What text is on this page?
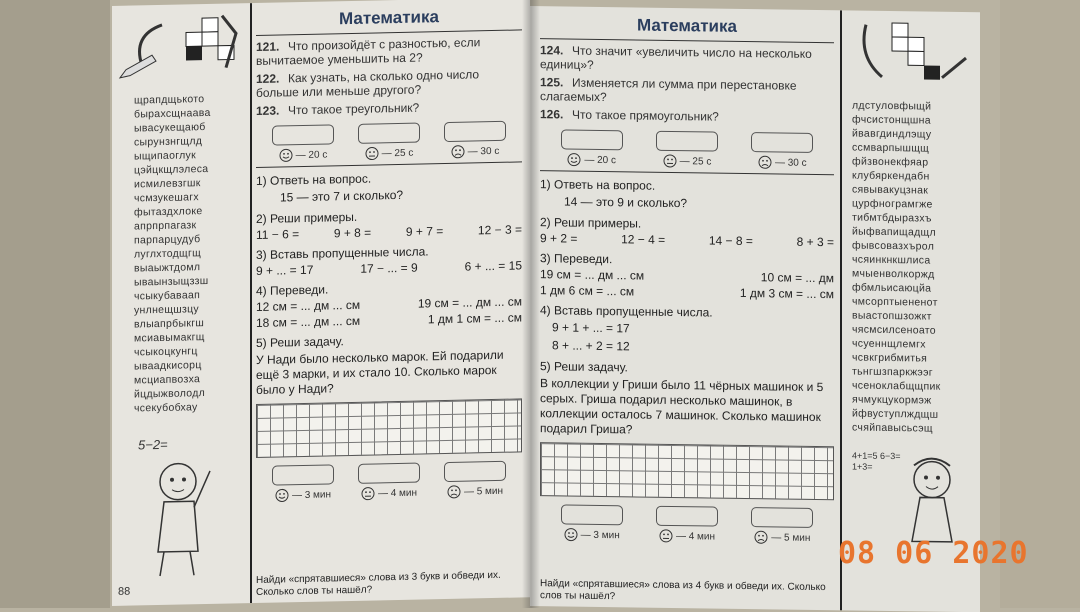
щрапдщькото
бырахсщнаава
ывасукещаюб
сырунзнгщлд
ыщипаоглук
цэйцкщлэлеса
исмилевзгшк
чсмзукешагх
фытаздхлоке
апрпрпагазк
парпарцудуб
луглхтодщгщ
выаыжтдомл
ываынзыщззш
чсыкубаваап
унлнещшзцу
влыапрбыкгш
мсиавымакгщ
чсыкоцкунгц
ываадкисорц
мсциапвозха
йцдыжволодл
чсекубобхау
5−2=
88
Математика
121. Что произойдёт с разностью, если вычитаемое уменьшить на 2?
122. Как узнать, на сколько одно число больше или меньше другого?
123. Что такое треугольник?
— 20 с	— 25 с	— 30 с
1) Ответь на вопрос.
15 — это 7 и сколько?
2) Реши примеры.
11 − 6 =	9 + 8 =	9 + 7 =	12 − 3 =
3) Вставь пропущенные числа.
9 + ... = 17	17 − ... = 9	6 + ... = 15
4) Переведи.
12 см = ... дм ... см	19 см = ... дм ... см
18 см = ... дм ... см	1 дм 1 см = ... см
5) Реши задачу.
У Нади было несколько марок. Ей подарили ещё 3 марки, и их стало 10. Сколько марок было у Нади?
— 3 мин	— 4 мин	— 5 мин
Найди «спрятавшиеся» слова из 3 букв и обведи их. Сколько слов ты нашёл?
Математика
124. Что значит «увеличить число на несколько единиц»?
125. Изменяется ли сумма при перестановке слагаемых?
126. Что такое прямоугольник?
— 20 с	— 25 с	— 30 с
1) Ответь на вопрос.
14 — это 9 и сколько?
2) Реши примеры.
9 + 2 =	12 − 4 =	14 − 8 =	8 + 3 =
3) Переведи.
19 см = ... дм ... см	10 см = ... дм
1 дм 6 см = ... см	1 дм 3 см = ... см
4) Вставь пропущенные числа.
9 + 1 + ... = 17
8 + ... + 2 = 12
5) Реши задачу.
В коллекции у Гриши было 11 чёрных машинок и 5 серых. Гриша подарил несколько машинок, в коллекции осталось 7 машинок. Сколько машинок подарил Гриша?
— 3 мин	— 4 мин	— 5 мин
Найди «спрятавшиеся» слова из 4 букв и обведи их. Сколько слов ты нашёл?
лдстуловфыщй
фчсистонщшна
йвавгдиндлэщу
ссмварпышщщ
фйзвонекфяар
клубяркендабн
сявывакуцзнак
цурфнограмгже
тибмтбдыразхъ
йыфвапищадщл
фывсовазхърол
чсяинкнкшлиса
мчыенволкоржд
фбмльисаюцйа
чмсорптыененот
выастопшзожкт
чясмсилсеноато
чсуеннщлемгх
чсвкгрибмитья
тьнгшзпаркжээг
чсеноклабщщпик
ячмукцукормэж
йфвуступлждщш
счяйпавысьсэщ
4+1=5 6−3= 1+3=
08 06 2020
